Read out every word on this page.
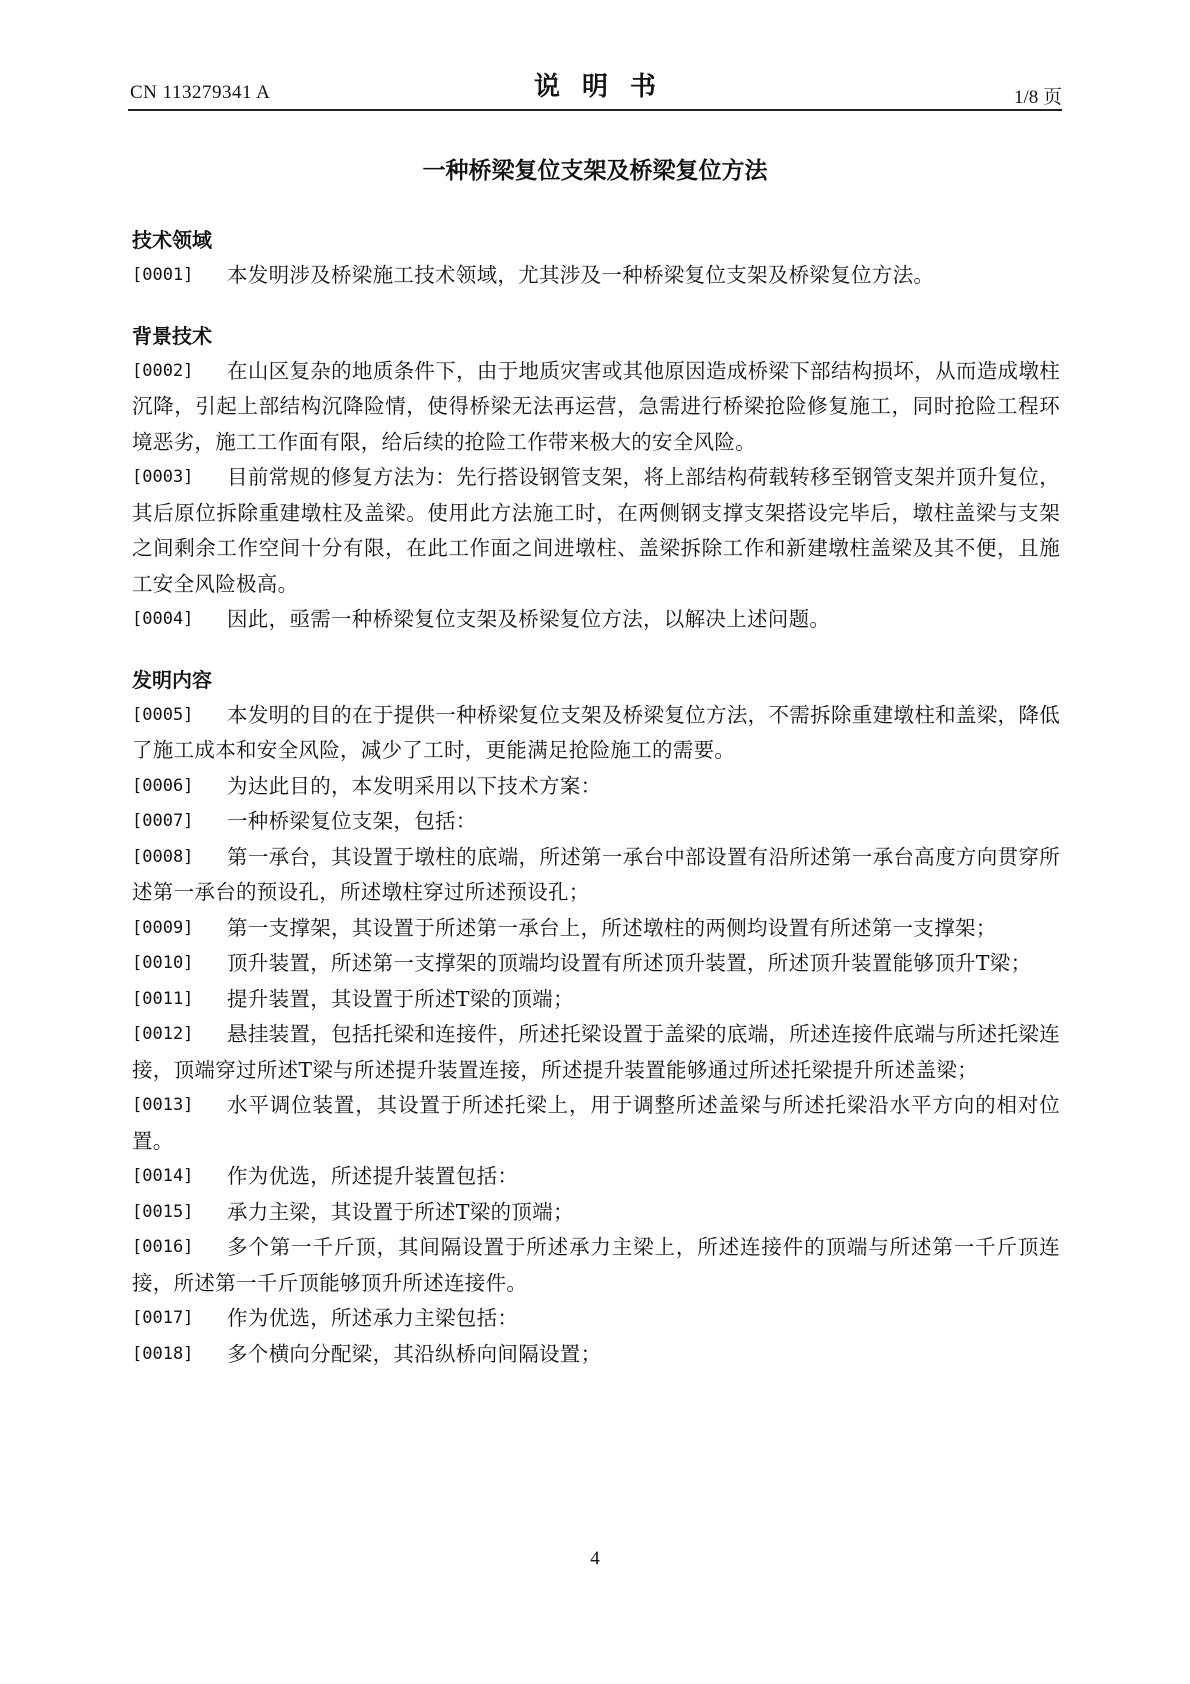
CN 113279341 A	说明书	1/8 页
一种桥梁复位支架及桥梁复位方法
技术领域
[0001] 本发明涉及桥梁施工技术领域，尤其涉及一种桥梁复位支架及桥梁复位方法。
背景技术
[0002] 在山区复杂的地质条件下，由于地质灾害或其他原因造成桥梁下部结构损坏，从而造成墩柱沉降，引起上部结构沉降险情，使得桥梁无法再运营，急需进行桥梁抢险修复施工，同时抢险工程环境恶劣，施工工作面有限，给后续的抢险工作带来极大的安全风险。
[0003] 目前常规的修复方法为：先行搭设钢管支架，将上部结构荷载转移至钢管支架并顶升复位，其后原位拆除重建墩柱及盖梁。使用此方法施工时，在两侧钢支撑支架搭设完毕后，墩柱盖梁与支架之间剩余工作空间十分有限，在此工作面之间进墩柱、盖梁拆除工作和新建墩柱盖梁及其不便，且施工安全风险极高。
[0004] 因此，亟需一种桥梁复位支架及桥梁复位方法，以解决上述问题。
发明内容
[0005] 本发明的目的在于提供一种桥梁复位支架及桥梁复位方法，不需拆除重建墩柱和盖梁，降低了施工成本和安全风险，减少了工时，更能满足抢险施工的需要。
[0006] 为达此目的，本发明采用以下技术方案：
[0007] 一种桥梁复位支架，包括：
[0008] 第一承台，其设置于墩柱的底端，所述第一承台中部设置有沿所述第一承台高度方向贯穿所述第一承台的预设孔，所述墩柱穿过所述预设孔；
[0009] 第一支撑架，其设置于所述第一承台上，所述墩柱的两侧均设置有所述第一支撑架；
[0010] 顶升装置，所述第一支撑架的顶端均设置有所述顶升装置，所述顶升装置能够顶升T梁；
[0011] 提升装置，其设置于所述T梁的顶端；
[0012] 悬挂装置，包括托梁和连接件，所述托梁设置于盖梁的底端，所述连接件底端与所述托梁连接，顶端穿过所述T梁与所述提升装置连接，所述提升装置能够通过所述托梁提升所述盖梁；
[0013] 水平调位装置，其设置于所述托梁上，用于调整所述盖梁与所述托梁沿水平方向的相对位置。
[0014] 作为优选，所述提升装置包括：
[0015] 承力主梁，其设置于所述T梁的顶端；
[0016] 多个第一千斤顶，其间隔设置于所述承力主梁上，所述连接件的顶端与所述第一千斤顶连接，所述第一千斤顶能够顶升所述连接件。
[0017] 作为优选，所述承力主梁包括：
[0018] 多个横向分配梁，其沿纵桥向间隔设置；
4
